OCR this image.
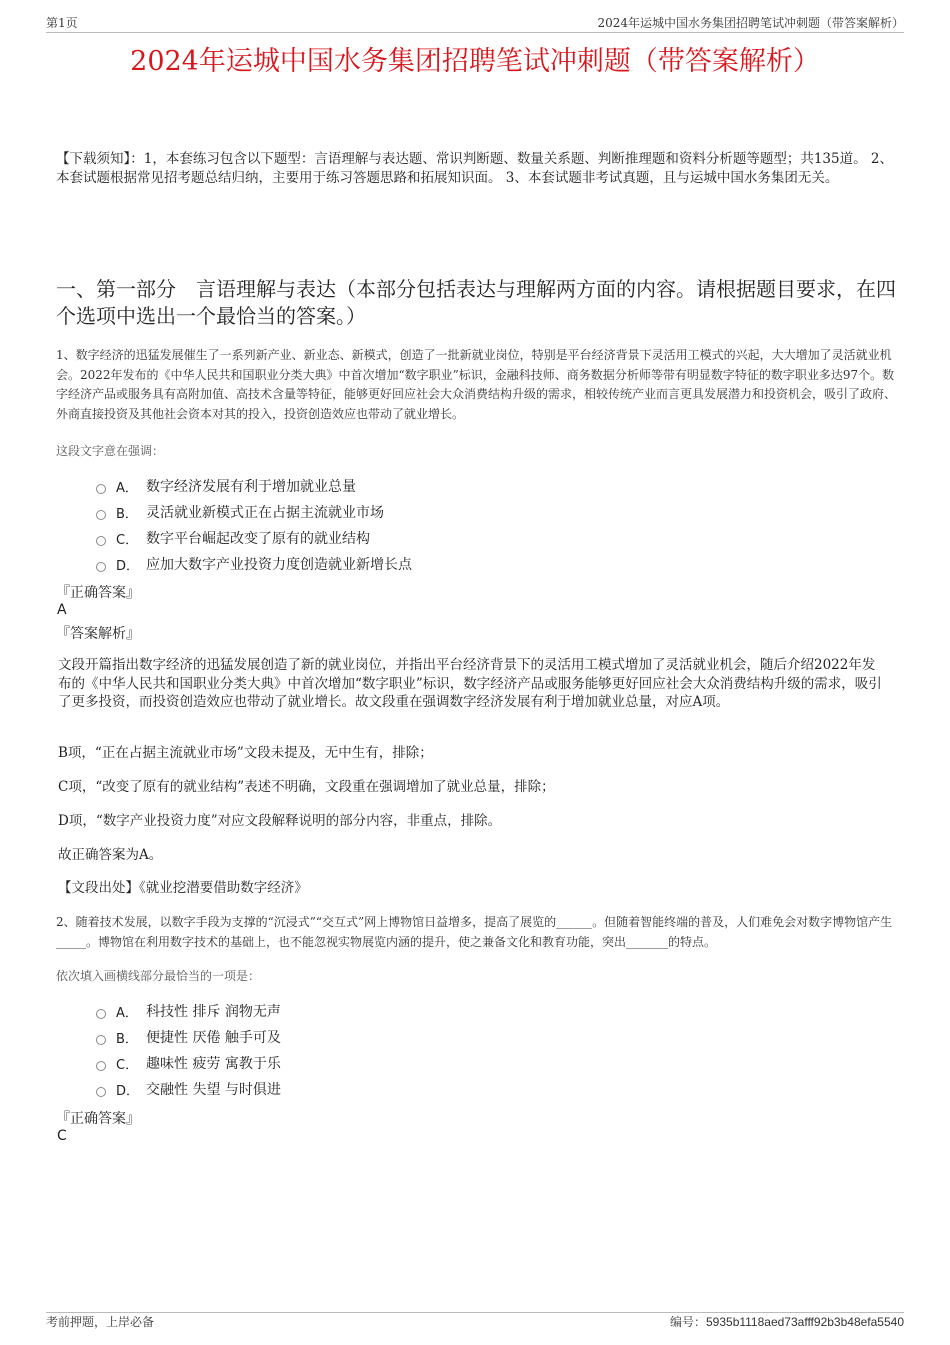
第1页	2024年运城中国水务集团招聘笔试冲刺题（带答案解析）
2024年运城中国水务集团招聘笔试冲刺题（带答案解析）
【下载须知】：1，本套练习包含以下题型：言语理解与表达题、常识判断题、数量关系题、判断推理题和资料分析题等题型；共135道。 2、本套试题根据常见招考题总结归纳，主要用于练习答题思路和拓展知识面。 3、本套试题非考试真题，且与运城中国水务集团无关。
一、第一部分　言语理解与表达（本部分包括表达与理解两方面的内容。请根据题目要求，在四个选项中选出一个最恰当的答案。）
1、数字经济的迅猛发展催生了一系列新产业、新业态、新模式，创造了一批新就业岗位，特别是平台经济背景下灵活用工模式的兴起，大大增加了灵活就业机会。2022年发布的《中华人民共和国职业分类大典》中首次增加“数字职业”标识，金融科技师、商务数据分析师等带有明显数字特征的数字职业多达97个。数字经济产品或服务具有高附加值、高技术含量等特征，能够更好回应社会大众消费结构升级的需求，相较传统产业而言更具发展潜力和投资机会，吸引了政府、外商直接投资及其他社会资本对其的投入，投资创造效应也带动了就业增长。
这段文字意在强调：
A． 数字经济发展有利于增加就业总量
B． 灵活就业新模式正在占据主流就业市场
C． 数字平台崛起改变了原有的就业结构
D． 应加大数字产业投资力度创造就业新增长点
『正确答案』
A
『答案解析』
文段开篇指出数字经济的迅猛发展创造了新的就业岗位，并指出平台经济背景下的灵活用工模式增加了灵活就业机会，随后介绍2022年发布的《中华人民共和国职业分类大典》中首次增加“数字职业”标识，数字经济产品或服务能够更好回应社会大众消费结构升级的需求，吸引了更多投资，而投资创造效应也带动了就业增长。故文段重在强调数字经济发展有利于增加就业总量，对应A项。
B项，“正在占据主流就业市场”文段未提及，无中生有，排除；
C项，“改变了原有的就业结构”表述不明确，文段重在强调增加了就业总量，排除；
D项，“数字产业投资力度”对应文段解释说明的部分内容，非重点，排除。
故正确答案为A。
【文段出处】《就业挖潜要借助数字经济》
2、随着技术发展，以数字手段为支撑的“沉浸式”“交互式”网上博物馆日益增多，提高了展览的______。但随着智能终端的普及，人们难免会对数字博物馆产生_____。博物馆在利用数字技术的基础上，也不能忽视实物展览内涵的提升，使之兼备文化和教育功能，突出_______的特点。
依次填入画横线部分最恰当的一项是：
A． 科技性 排斥 润物无声
B． 便捷性 厌倦 触手可及
C． 趣味性 疲劳 寓教于乐
D． 交融性 失望 与时俱进
『正确答案』
C
考前押题，上岸必备	编号：5935b1118aed73afff92b3b48efa5540
